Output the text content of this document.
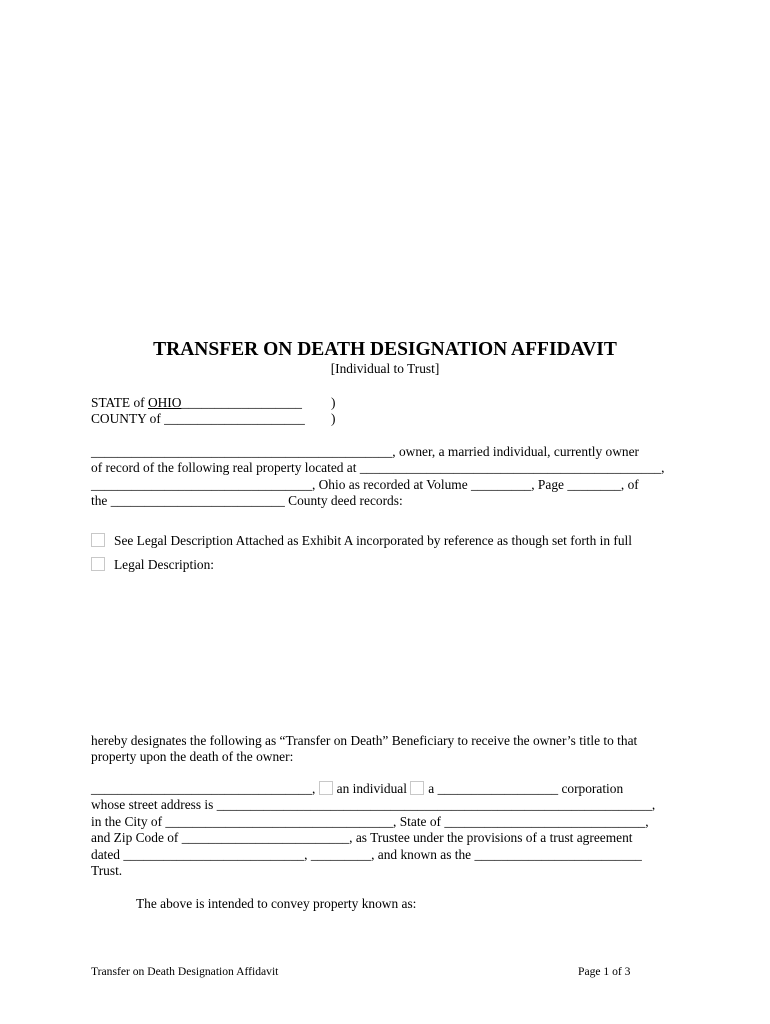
TRANSFER ON DEATH DESIGNATION AFFIDAVIT
[Individual to Trust]
STATE of OHIO__________________ )
COUNTY of _____________________ )
_____________________________________________, owner, a married individual, currently owner
of record of the following real property located at _____________________________________________,
_________________________________, Ohio as recorded at Volume _________, Page ________, of
the __________________________ County deed records:
See Legal Description Attached as Exhibit A incorporated by reference as though set forth in full
Legal Description:
hereby designates the following as “Transfer on Death” Beneficiary to receive the owner’s title to that
property upon the death of the owner:
_________________________________, an individual a __________________ corporation
whose street address is _________________________________________________________________,
in the City of __________________________________, State of ______________________________,
and Zip Code of _________________________, as Trustee under the provisions of a trust agreement
dated ___________________________, _________, and known as the _________________________
Trust.
The above is intended to convey property known as:
Transfer on Death Designation Affidavit	Page 1 of 3
